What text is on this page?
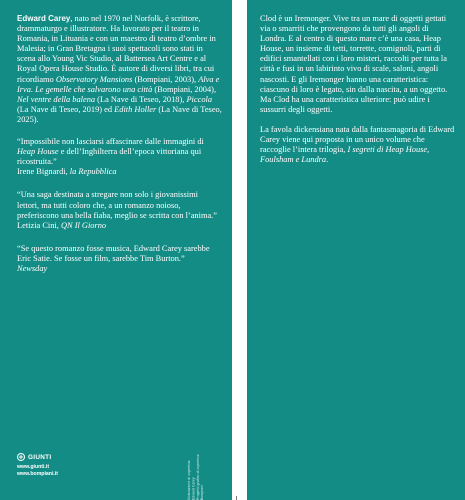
Edward Carey, nato nel 1970 nel Norfolk, è scrittore, drammaturgo e illustratore. Ha lavorato per il teatro in Romania, in Lituania e con un maestro di teatro d’ombre in Malesia; in Gran Bretagna i suoi spettacoli sono stati in scena allo Young Vic Studio, al Battersea Art Centre e al Royal Opera House Studio. È autore di diversi libri, tra cui ricordiamo Observatory Mansions (Bompiani, 2003), Alva e Irva. Le gemelle che salvarono una città (Bompiani, 2004), Nel ventre della balena (La Nave di Teseo, 2018), Piccola (La Nave di Teseo, 2019) ed Edith Holler (La Nave di Teseo, 2025).

“Impossibile non lasciarsi affascinare dalle immagini di Heap House e dell’Inghilterra dell’epoca vittoriana qui ricostruita.”

Irene Bignardi, la Repubblica

“Una saga destinata a stregare non solo i giovanissimi lettori, ma tutti coloro che, a un romanzo noioso, preferiscono una bella fiaba, meglio se scritta con l’anima.”

Letizia Cini, QN Il Giorno

“Se questo romanzo fosse musica, Edward Carey sarebbe Eric Satie. Se fosse un film, sarebbe Tim Burton.”

Newsday

Illustrazione di copertina: Edward Carey Progetto grafico di copertina: Bompiani
GIUNTI
www.giunti.it
www.bompiani.it

Clod è un Iremonger. Vive tra un mare di oggetti gettati via o smarriti che provengono da tutti gli angoli di Londra. E al centro di questo mare c’è una casa, Heap House, un insieme di tetti, torrette, comignoli, parti di edifici smantellati con i loro misteri, raccolti per tutta la città e fusi in un labirinto vivo di scale, saloni, angoli nascosti. E gli Iremonger hanno una caratteristica: ciascuno di loro è legato, sin dalla nascita, a un oggetto. Ma Clod ha una caratteristica ulteriore: può udire i sussurri degli oggetti.

La favola dickensiana nata dalla fantasmagoria di Edward Carey viene qui proposta in un unico volume che raccoglie l’intera trilogia, I segreti di Heap House, Foulsham e Lundra.
